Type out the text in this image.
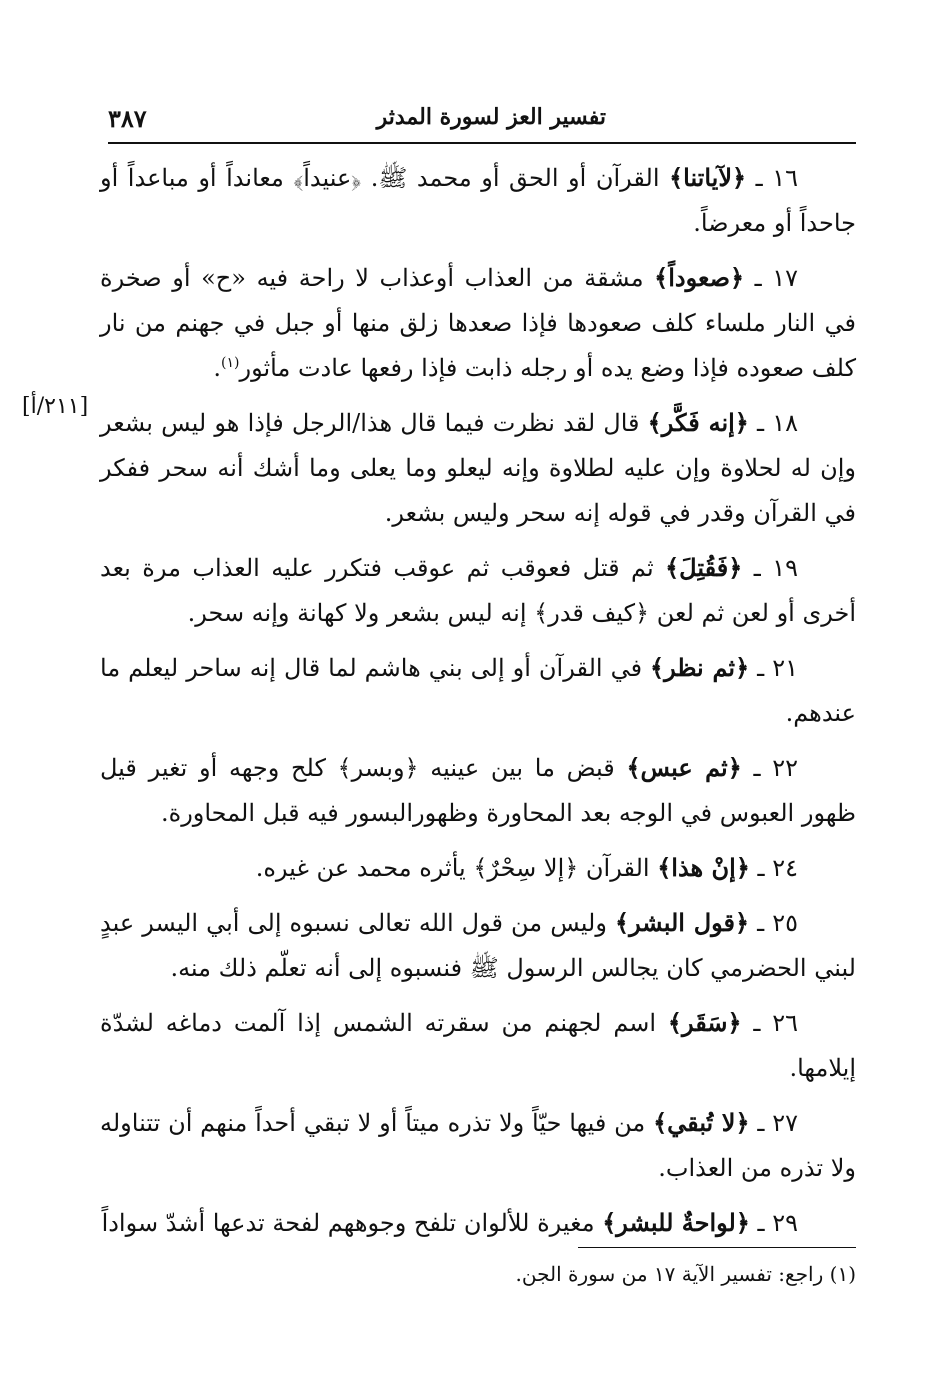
٣٨٧	تفسير العز لسورة المدثر
[٢١١/أ]

١٦ ـ ﴿لآياتنا﴾ القرآن أو الحق أو محمد ﷺ. ﴿عنيداً﴾ معانداً أو مباعداً أو جاحداً أو معرضاً.

١٧ ـ ﴿صعوداً﴾ مشقة من العذاب أوعذاب لا راحة فيه «ح» أو صخرة في النار ملساء كلف صعودها فإذا صعدها زلق منها أو جبل في جهنم من نار كلف صعوده فإذا وضع يده أو رجله ذابت فإذا رفعها عادت مأثور$^{(١)}$.

١٨ ـ ﴿إنه فَكَّر﴾ قال لقد نظرت فيما قال هذا/الرجل فإذا هو ليس بشعر وإن له لحلاوة وإن عليه لطلاوة وإنه ليعلو وما يعلى وما أشك أنه سحر ففكر في القرآن وقدر في قوله إنه سحر وليس بشعر.

١٩ ـ ﴿فَقُتِلَ﴾ ثم قتل فعوقب ثم عوقب فتكرر عليه العذاب مرة بعد أخرى أو لعن ثم لعن ﴿كيف قدر﴾ إنه ليس بشعر ولا كهانة وإنه سحر.

٢١ ـ ﴿ثم نظر﴾ في القرآن أو إلى بني هاشم لما قال إنه ساحر ليعلم ما عندهم.

٢٢ ـ ﴿ثم عبس﴾ قبض ما بين عينيه ﴿وبسر﴾ كلح وجهه أو تغير قيل ظهور العبوس في الوجه بعد المحاورة وظهورالبسور فيه قبل المحاورة.

٢٤ ـ ﴿إنْ هذا﴾ القرآن ﴿إلا سِحْرٌ﴾ يأثره محمد عن غيره.

٢٥ ـ ﴿قول البشر﴾ وليس من قول الله تعالى نسبوه إلى أبي اليسر عبدٍ لبني الحضرمي كان يجالس الرسول ﷺ فنسبوه إلى أنه تعلّم ذلك منه.

٢٦ ـ ﴿سَقَر﴾ اسم لجهنم من سقرته الشمس إذا آلمت دماغه لشدّة إيلامها.

٢٧ ـ ﴿لا تُبقي﴾ من فيها حيّاً ولا تذره ميتاً أو لا تبقي أحداً منهم أن تتناوله ولا تذره من العذاب.

٢٩ ـ ﴿لواحةٌ للبشر﴾ مغيرة للألوان تلفح وجوههم لفحة تدعها أشدّ سواداً

(١) راجع: تفسير الآية ١٧ من سورة الجن.
